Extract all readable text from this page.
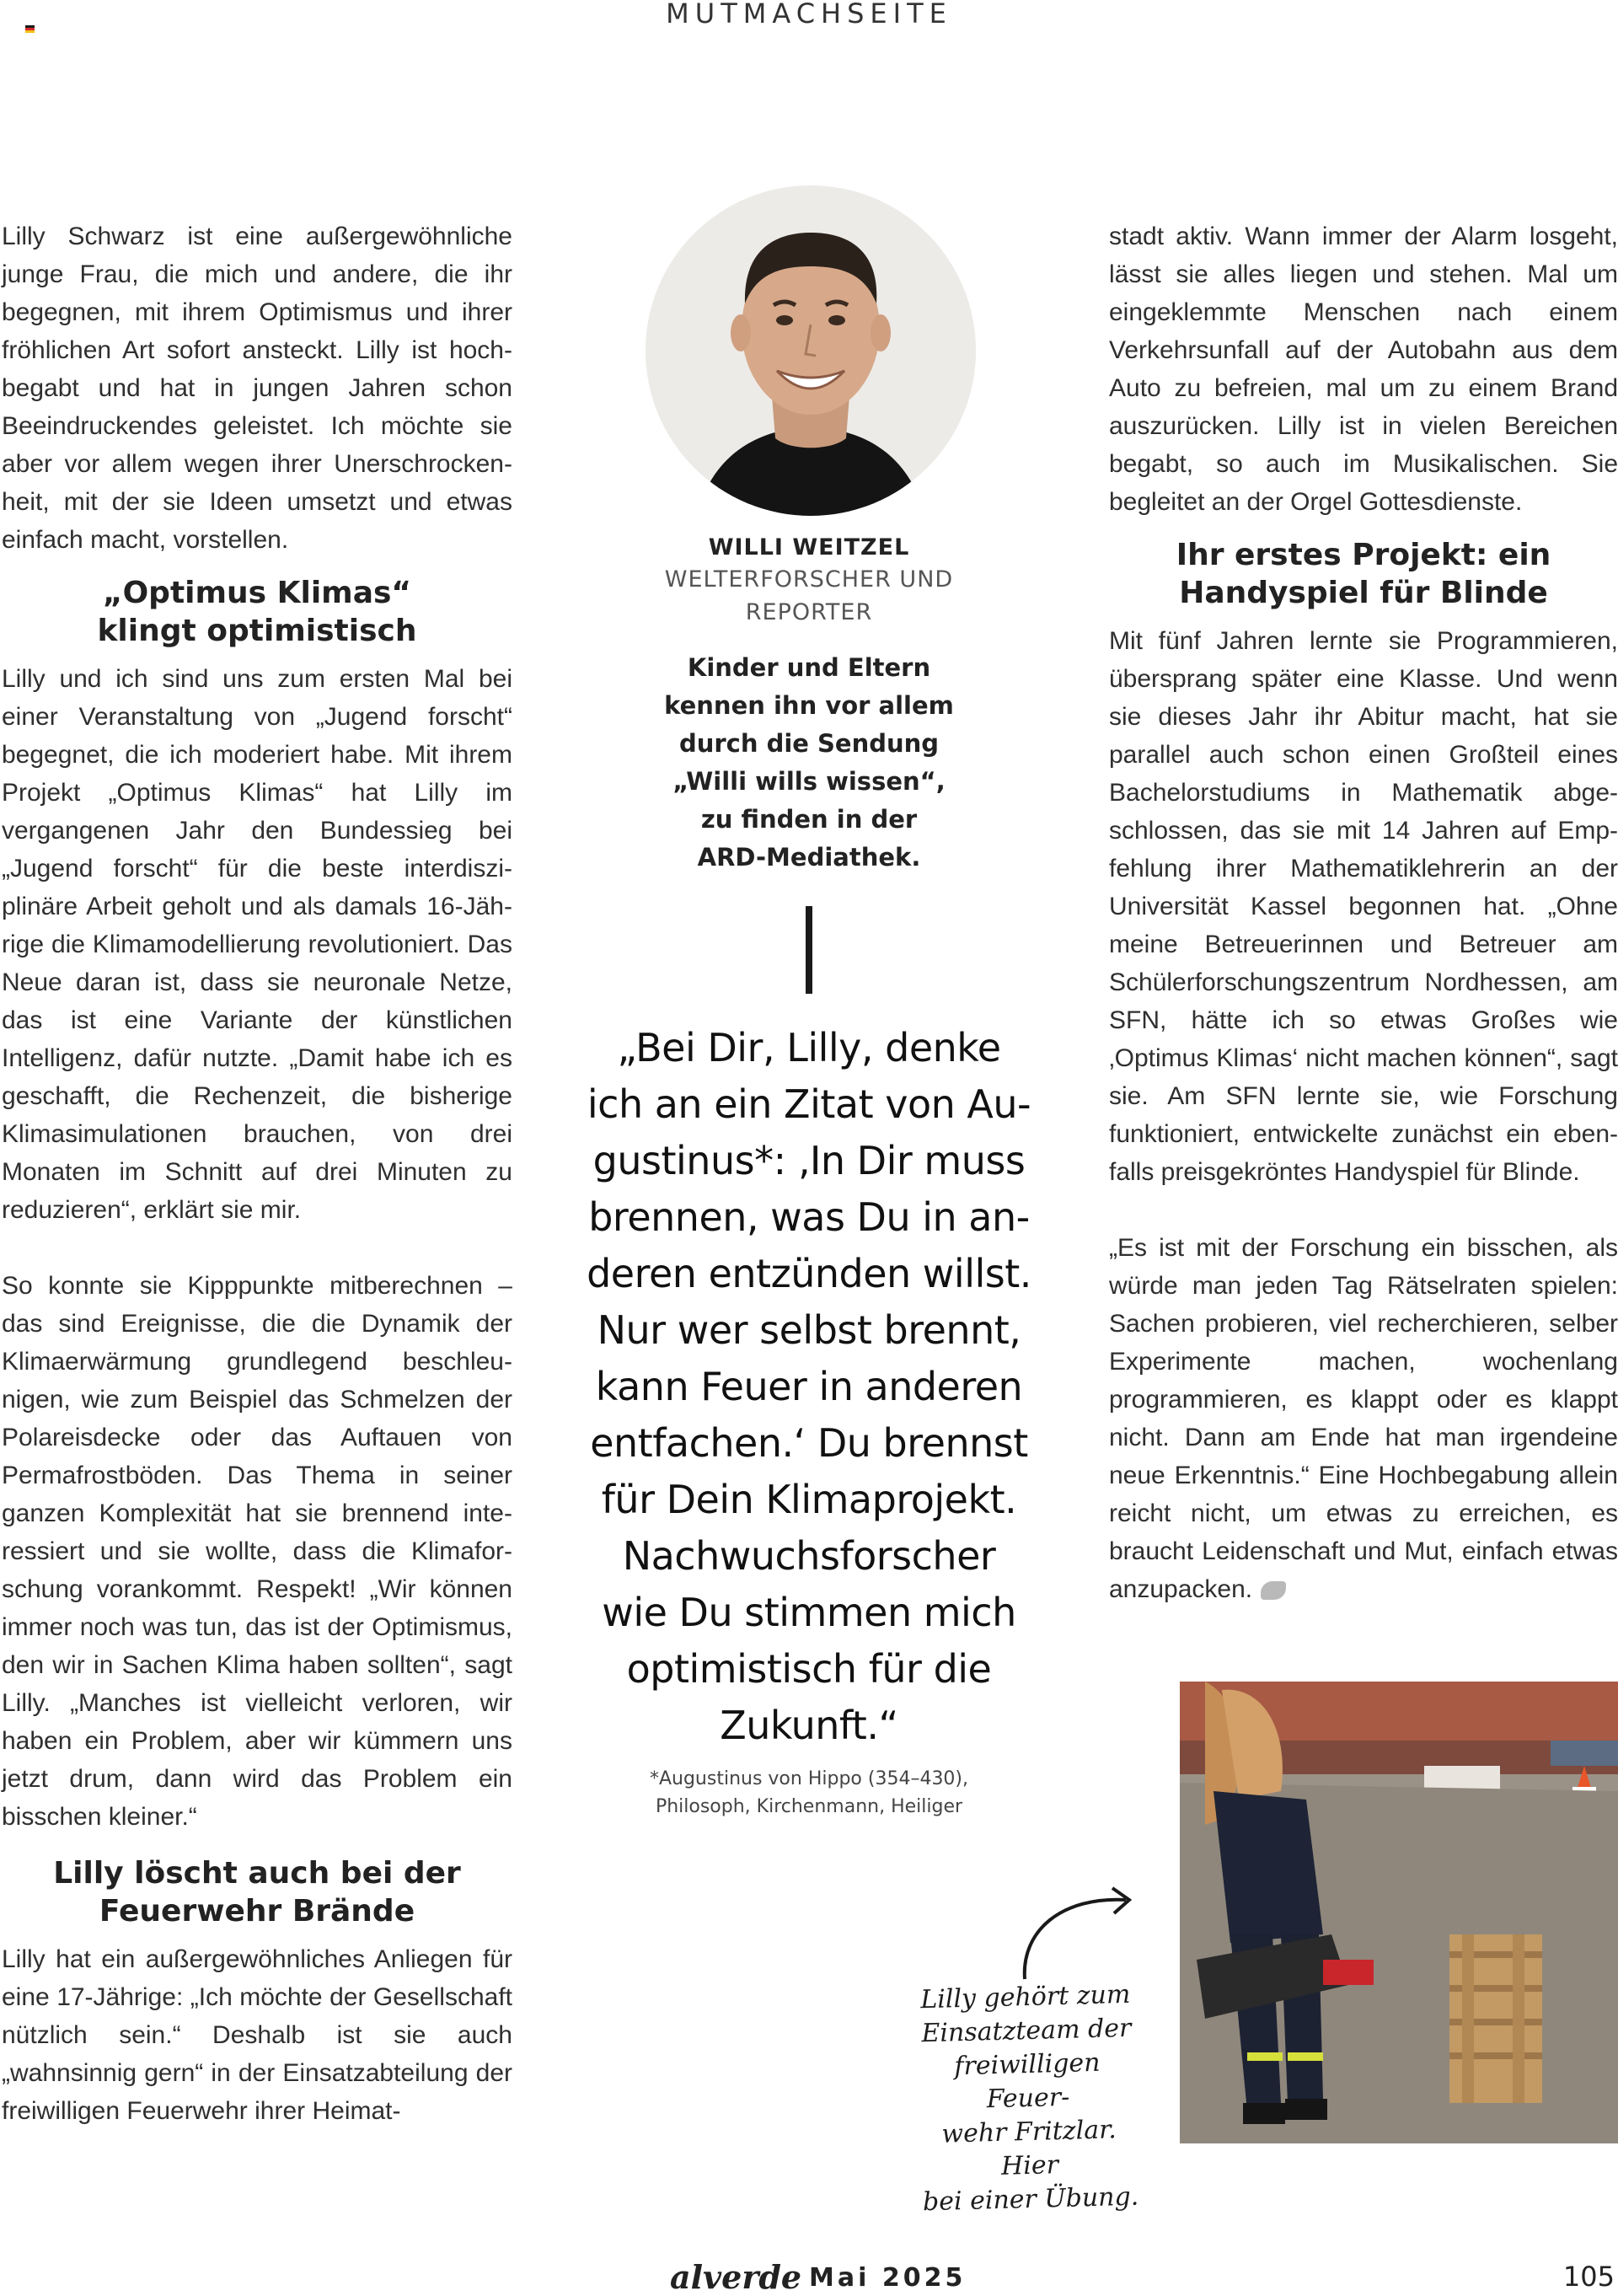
MUTMACHSEITE

Lilly Schwarz ist eine außergewöhnliche junge Frau, die mich und andere, die ihr begegnen, mit ihrem Optimismus und ihrer fröhlichen Art sofort ansteckt. Lilly ist hochbegabt und hat in jungen Jahren schon Beeindruckendes geleistet. Ich möchte sie aber vor allem wegen ihrer Unerschrockenheit, mit der sie Ideen umsetzt und etwas einfach macht, vorstellen.

„Optimus Klimas“
klingt optimistisch

Lilly und ich sind uns zum ersten Mal bei einer Veranstaltung von „Jugend forscht“ begegnet, die ich moderiert habe. Mit ihrem Projekt „Optimus Klimas“ hat Lilly im vergangenen Jahr den Bundessieg bei „Jugend forscht“ für die beste interdisziplinäre Arbeit geholt und als damals 16-Jährige die Klimamodellierung revolutioniert. Das Neue daran ist, dass sie neuronale Netze, das ist eine Variante der künstlichen Intelligenz, dafür nutzte. „Damit habe ich es geschafft, die Rechenzeit, die bisherige Klimasimulationen brauchen, von drei Monaten im Schnitt auf drei Minuten zu reduzieren“, erklärt sie mir.

So konnte sie Kipppunkte mitberechnen – das sind Ereignisse, die die Dynamik der Klimaerwärmung grundlegend beschleunigen, wie zum Beispiel das Schmelzen der Polareisdecke oder das Auftauen von Permafrostböden. Das Thema in seiner ganzen Komplexität hat sie brennend interessiert und sie wollte, dass die Klimaforschung vorankommt. Respekt! „Wir können immer noch was tun, das ist der Optimismus, den wir in Sachen Klima haben sollten“, sagt Lilly. „Manches ist vielleicht verloren, wir haben ein Problem, aber wir kümmern uns jetzt drum, dann wird das Problem ein bisschen kleiner.“

Lilly löscht auch bei der
Feuerwehr Brände

Lilly hat ein außergewöhnliches Anliegen für eine 17-Jährige: „Ich möchte der Gesellschaft nützlich sein.“ Deshalb ist sie auch „wahnsinnig gern“ in der Einsatzabteilung der freiwilligen Feuerwehr ihrer Heimat-

WILLI WEITZEL
WELTERFORSCHER UND
REPORTER
Kinder und Eltern
kennen ihn vor allem
durch die Sendung
„Willi wills wissen“,
zu finden in der
ARD-Mediathek.
„Bei Dir, Lilly, denke
ich an ein Zitat von Au-
gustinus*: ‚In Dir muss
brennen, was Du in an-
deren entzünden willst.
Nur wer selbst brennt,
kann Feuer in anderen
entfachen.‘ Du brennst
für Dein Klimaprojekt.
Nachwuchsforscher
wie Du stimmen mich
optimistisch für die
Zukunft.“
*Augustinus von Hippo (354–430),
Philosoph, Kirchenmann, Heiliger

stadt aktiv. Wann immer der Alarm losgeht, lässt sie alles liegen und stehen. Mal um eingeklemmte Menschen nach einem Verkehrsunfall auf der Autobahn aus dem Auto zu befreien, mal um zu einem Brand auszurücken. Lilly ist in vielen Bereichen begabt, so auch im Musikalischen. Sie begleitet an der Orgel Gottesdienste.

Ihr erstes Projekt: ein
Handyspiel für Blinde

Mit fünf Jahren lernte sie Programmieren, übersprang später eine Klasse. Und wenn sie dieses Jahr ihr Abitur macht, hat sie parallel auch schon einen Großteil eines Bachelorstudiums in Mathematik abgeschlossen, das sie mit 14 Jahren auf Empfehlung ihrer Mathematiklehrerin an der Universität Kassel begonnen hat. „Ohne meine Betreuerinnen und Betreuer am Schülerforschungszentrum Nordhessen, am SFN, hätte ich so etwas Großes wie ‚Optimus Klimas‘ nicht machen können“, sagt sie. Am SFN lernte sie, wie Forschung funktioniert, entwickelte zunächst ein ebenfalls preisgekröntes Handyspiel für Blinde.

„Es ist mit der Forschung ein bisschen, als würde man jeden Tag Rätselraten spielen: Sachen probieren, viel recherchieren, selber Experimente machen, wochenlang programmieren, es klappt oder es klappt nicht. Dann am Ende hat man irgendeine neue Erkenntnis.“ Eine Hochbegabung allein reicht nicht, um etwas zu erreichen, es braucht Leidenschaft und Mut, einfach etwas anzupacken.

Lilly gehört zum
Einsatzteam der
freiwilligen Feuer-
wehr Fritzlar. Hier
bei einer Übung.
alverde Mai 2025	105
